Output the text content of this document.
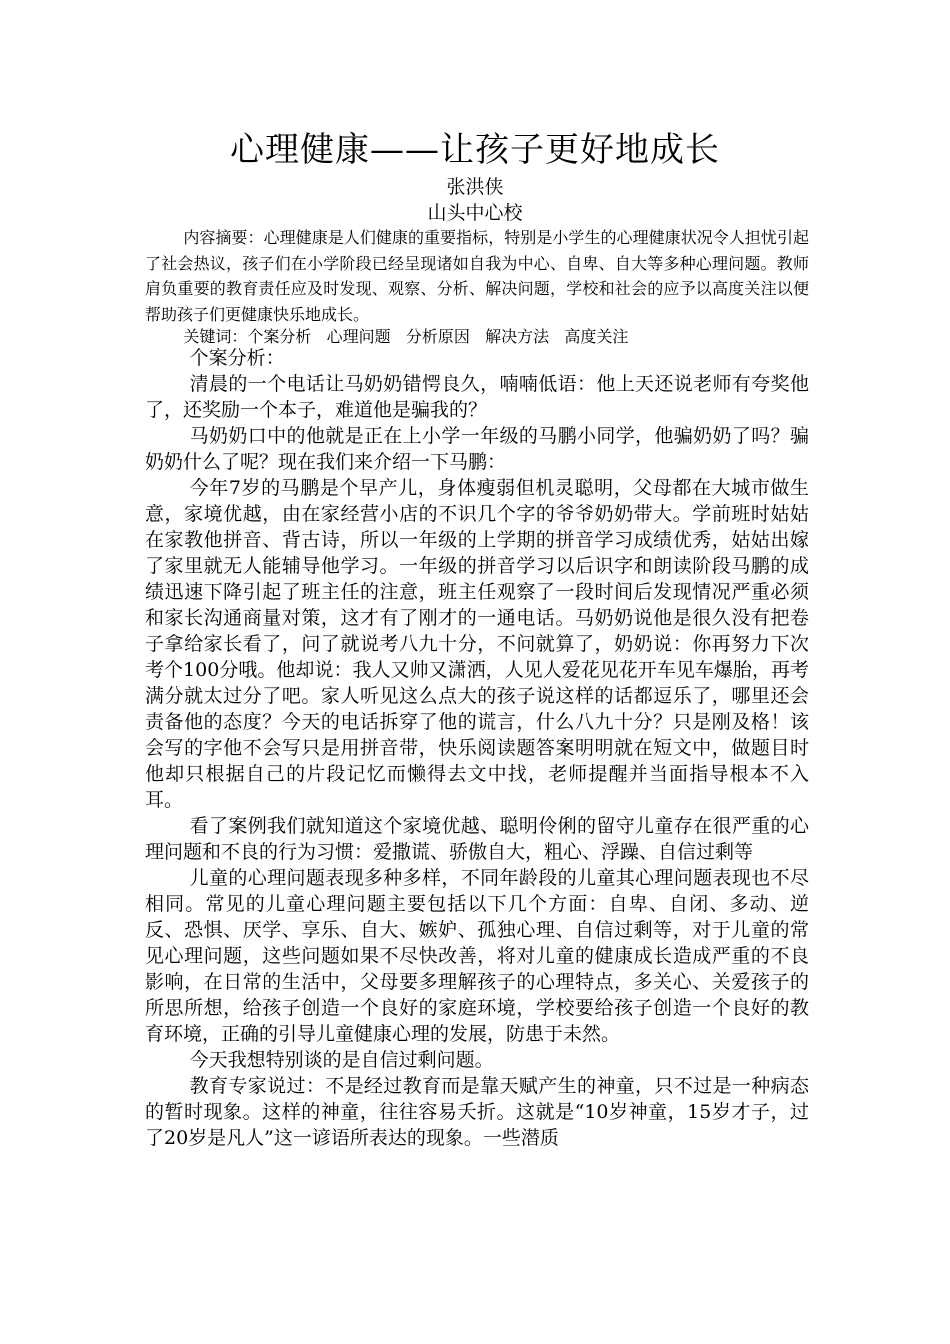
心理健康——让孩子更好地成长
张洪侠
山头中心校

内容摘要：心理健康是人们健康的重要指标，特别是小学生的心理健康状况令人担忧引起了社会热议，孩子们在小学阶段已经呈现诸如自我为中心、自卑、自大等多种心理问题。教师肩负重要的教育责任应及时发现、观察、分析、解决问题，学校和社会的应予以高度关注以便帮助孩子们更健康快乐地成长。

关键词：个案分析   心理问题   分析原因   解决方法   高度关注

个案分析：

清晨的一个电话让马奶奶错愕良久，喃喃低语：他上天还说老师有夸奖他了，还奖励一个本子，难道他是骗我的？

马奶奶口中的他就是正在上小学一年级的马鹏小同学，他骗奶奶了吗？骗奶奶什么了呢？现在我们来介绍一下马鹏：

今年7岁的马鹏是个早产儿，身体瘦弱但机灵聪明，父母都在大城市做生意，家境优越，由在家经营小店的不识几个字的爷爷奶奶带大。学前班时姑姑在家教他拼音、背古诗，所以一年级的上学期的拼音学习成绩优秀，姑姑出嫁了家里就无人能辅导他学习。一年级的拼音学习以后识字和朗读阶段马鹏的成绩迅速下降引起了班主任的注意，班主任观察了一段时间后发现情况严重必须和家长沟通商量对策，这才有了刚才的一通电话。马奶奶说他是很久没有把卷子拿给家长看了，问了就说考八九十分，不问就算了，奶奶说：你再努力下次考个100分哦。他却说：我人又帅又潇洒，人见人爱花见花开车见车爆胎，再考满分就太过分了吧。家人听见这么点大的孩子说这样的话都逗乐了，哪里还会责备他的态度？今天的电话拆穿了他的谎言，什么八九十分？只是刚及格！该会写的字他不会写只是用拼音带，快乐阅读题答案明明就在短文中，做题目时他却只根据自己的片段记忆而懒得去文中找，老师提醒并当面指导根本不入耳。

看了案例我们就知道这个家境优越、聪明伶俐的留守儿童存在很严重的心理问题和不良的行为习惯：爱撒谎、骄傲自大，粗心、浮躁、自信过剩等

儿童的心理问题表现多种多样，不同年龄段的儿童其心理问题表现也不尽相同。常见的儿童心理问题主要包括以下几个方面：自卑、自闭、多动、逆反、恐惧、厌学、享乐、自大、嫉妒、孤独心理、自信过剩等，对于儿童的常见心理问题，这些问题如果不尽快改善，将对儿童的健康成长造成严重的不良影响，在日常的生活中，父母要多理解孩子的心理特点，多关心、关爱孩子的所思所想，给孩子创造一个良好的家庭环境，学校要给孩子创造一个良好的教育环境，正确的引导儿童健康心理的发展，防患于未然。

今天我想特别谈的是自信过剩问题。

教育专家说过：不是经过教育而是靠天赋产生的神童，只不过是一种病态的暂时现象。这样的神童，往往容易夭折。这就是“10岁神童，15岁才子，过了20岁是凡人”这一谚语所表达的现象。一些潜质
